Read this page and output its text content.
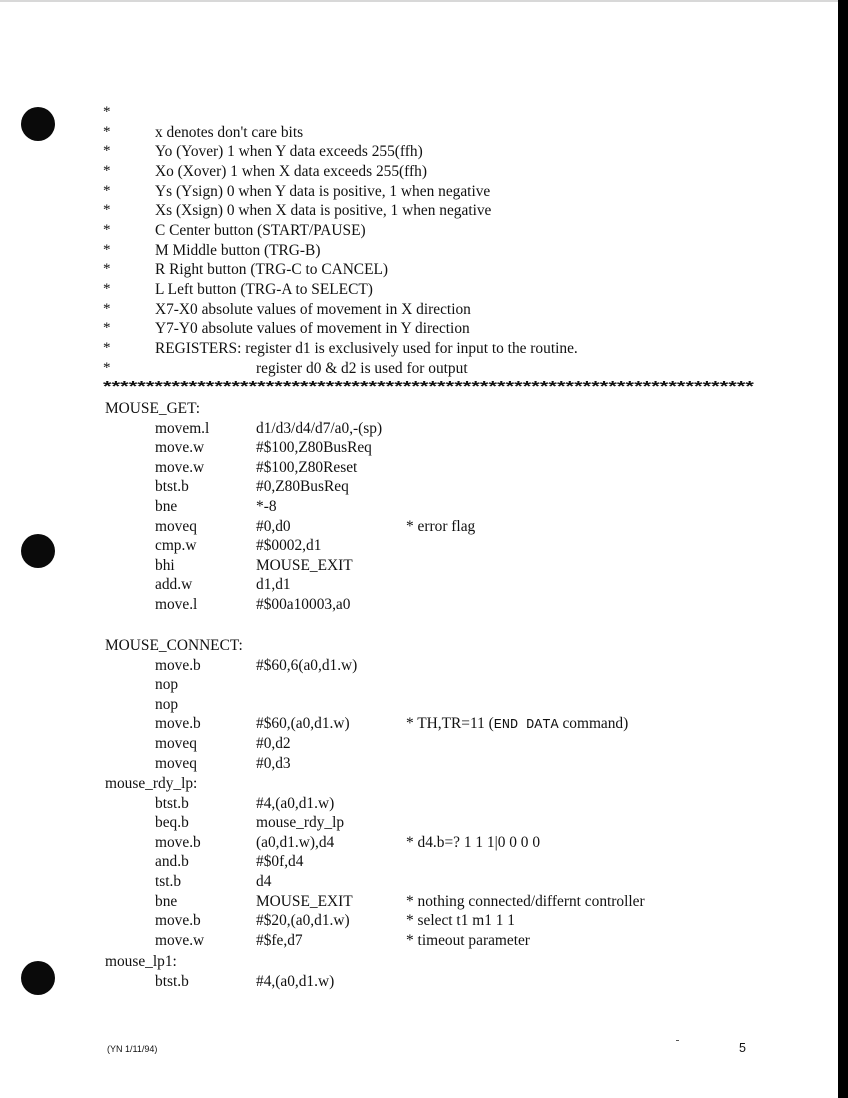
*
*	x denotes don't care bits
*	Yo (Yover) 1 when Y data exceeds 255(ffh)
*	Xo (Xover) 1 when X data exceeds 255(ffh)
*	Ys (Ysign) 0 when Y data is positive, 1 when negative
*	Xs (Xsign) 0 when X data is positive, 1 when negative
*	C Center button (START/PAUSE)
*	M Middle button (TRG-B)
*	R Right button (TRG-C to CANCEL)
*	L Left button (TRG-A to SELECT)
*	X7-X0 absolute values of movement in X direction
*	Y7-Y0 absolute values of movement in Y direction
*	REGISTERS: register d1 is exclusively used for input to the routine.
*	register d0 & d2 is used for output
****************************************************************************
MOUSE_GET:
movem.l	d1/d3/d4/d7/a0,-(sp)
move.w	#$100,Z80BusReq
move.w	#$100,Z80Reset
btst.b	#0,Z80BusReq
bne	*-8
moveq	#0,d0	* error flag
cmp.w	#$0002,d1
bhi	MOUSE_EXIT
add.w	d1,d1
move.l	#$00a10003,a0
MOUSE_CONNECT:
move.b	#$60,6(a0,d1.w)
nop
nop
move.b	#$60,(a0,d1.w)	* TH,TR=11 (END DATA command)
moveq	#0,d2
moveq	#0,d3
mouse_rdy_lp:
btst.b	#4,(a0,d1.w)
beq.b	mouse_rdy_lp
move.b	(a0,d1.w),d4	* d4.b=? 1 1 1|0 0 0 0
and.b	#$0f,d4
tst.b	d4
bne	MOUSE_EXIT	* nothing connected/differnt controller
move.b	#$20,(a0,d1.w)	* select t1 m1 1 1
move.w	#$fe,d7	* timeout parameter
mouse_lp1:
btst.b	#4,(a0,d1.w)
(YN 1/11/94)	5
